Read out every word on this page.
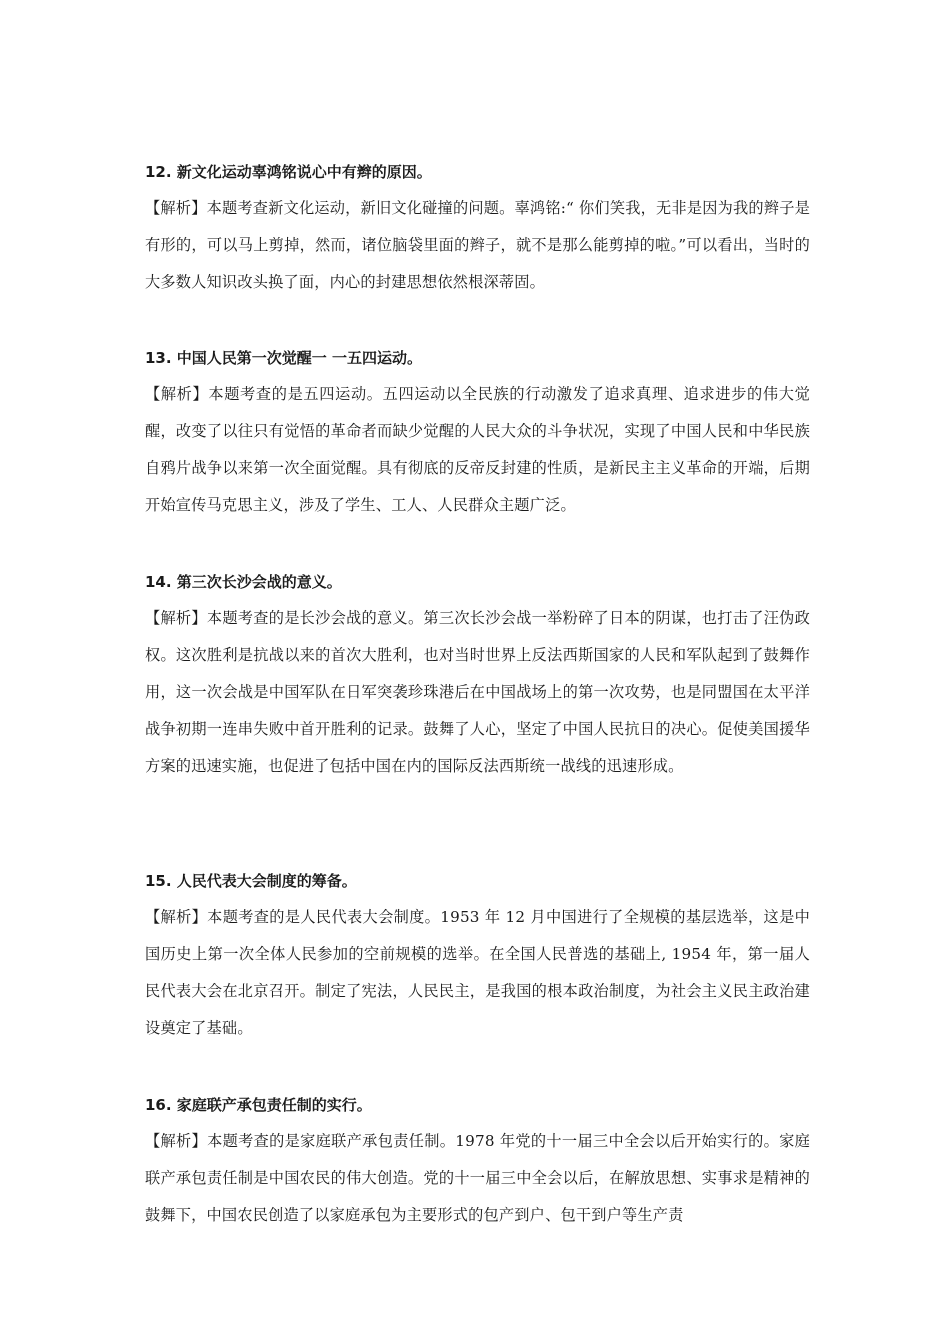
12. 新文化运动辜鸿铭说心中有辫的原因。

【解析】本题考查新文化运动，新旧文化碰撞的问题。辜鸿铭:“ 你们笑我，无非是因为我的辫子是有形的，可以马上剪掉，然而，诸位脑袋里面的辫子，就不是那么能剪掉的啦。”可以看出，当时的大多数人知识改头换了面，内心的封建思想依然根深蒂固。

13. 中国人民第一次觉醒一 一五四运动。

【解析】本题考查的是五四运动。五四运动以全民族的行动激发了追求真理、追求进步的伟大觉醒，改变了以往只有觉悟的革命者而缺少觉醒的人民大众的斗争状况，实现了中国人民和中华民族自鸦片战争以来第一次全面觉醒。具有彻底的反帝反封建的性质，是新民主主义革命的开端，后期开始宣传马克思主义，涉及了学生、工人、人民群众主题广泛。

14. 第三次长沙会战的意义。

【解析】本题考查的是长沙会战的意义。第三次长沙会战一举粉碎了日本的阴谋，也打击了汪伪政权。这次胜利是抗战以来的首次大胜利，也对当时世界上反法西斯国家的人民和军队起到了鼓舞作用，这一次会战是中国军队在日军突袭珍珠港后在中国战场上的第一次攻势，也是同盟国在太平洋战争初期一连串失败中首开胜利的记录。鼓舞了人心，坚定了中国人民抗日的决心。促使美国援华方案的迅速实施，也促进了包括中国在内的国际反法西斯统一战线的迅速形成。

15. 人民代表大会制度的筹备。

【解析】本题考查的是人民代表大会制度。1953 年 12 月中国进行了全规模的基层选举，这是中国历史上第一次全体人民参加的空前规模的选举。在全国人民普选的基础上, 1954 年，第一届人民代表大会在北京召开。制定了宪法，人民民主，是我国的根本政治制度，为社会主义民主政治建设奠定了基础。

16. 家庭联产承包责任制的实行。

【解析】本题考查的是家庭联产承包责任制。1978 年党的十一届三中全会以后开始实行的。家庭联产承包责任制是中国农民的伟大创造。党的十一届三中全会以后，在解放思想、实事求是精神的鼓舞下，中国农民创造了以家庭承包为主要形式的包产到户、包干到户等生产责
